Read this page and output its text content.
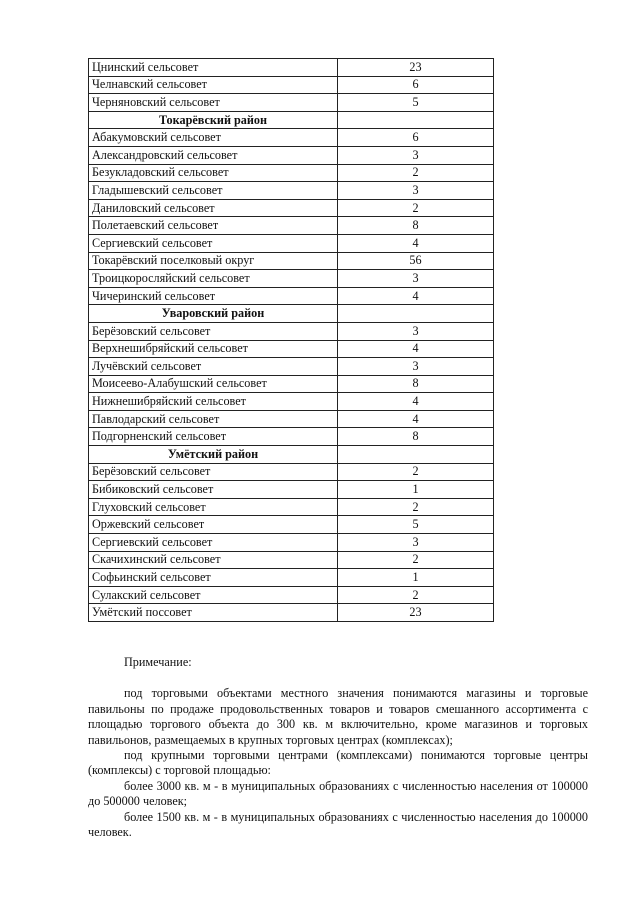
Цнинский сельсовет	23
Челнавский сельсовет	6
Черняновский сельсовет	5
Токарёвский район	
Абакумовский сельсовет	6
Александровский сельсовет	3
Безукладовский сельсовет	2
Гладышевский сельсовет	3
Даниловский сельсовет	2
Полетаевский сельсовет	8
Сергиевский сельсовет	4
Токарёвский поселковый округ	56
Троицкоросляйский сельсовет	3
Чичеринский сельсовет	4
Уваровский район	
Берёзовский сельсовет	3
Верхнешибряйский сельсовет	4
Лучёвский сельсовет	3
Моисеево-Алабушский сельсовет	8
Нижнешибряйский сельсовет	4
Павлодарский сельсовет	4
Подгорненский сельсовет	8
Умётский район	
Берёзовский сельсовет	2
Бибиковский сельсовет	1
Глуховский сельсовет	2
Оржевский сельсовет	5
Сергиевский сельсовет	3
Скачихинский сельсовет	2
Софьинский сельсовет	1
Сулакский сельсовет	2
Умётский поссовет	23

Примечание:

под торговыми объектами местного значения понимаются магазины и торговые павильоны по продаже продовольственных товаров и товаров смешанного ассортимента с площадью торгового объекта до 300 кв. м включительно, кроме магазинов и торговых павильонов, размещаемых в крупных торговых центрах (комплексах);

под крупными торговыми центрами (комплексами) понимаются торговые центры (комплексы) с торговой площадью:

более 3000 кв. м - в муниципальных образованиях с численностью населения от 100000 до 500000 человек;

более 1500 кв. м - в муниципальных образованиях с численностью населения до 100000 человек.
